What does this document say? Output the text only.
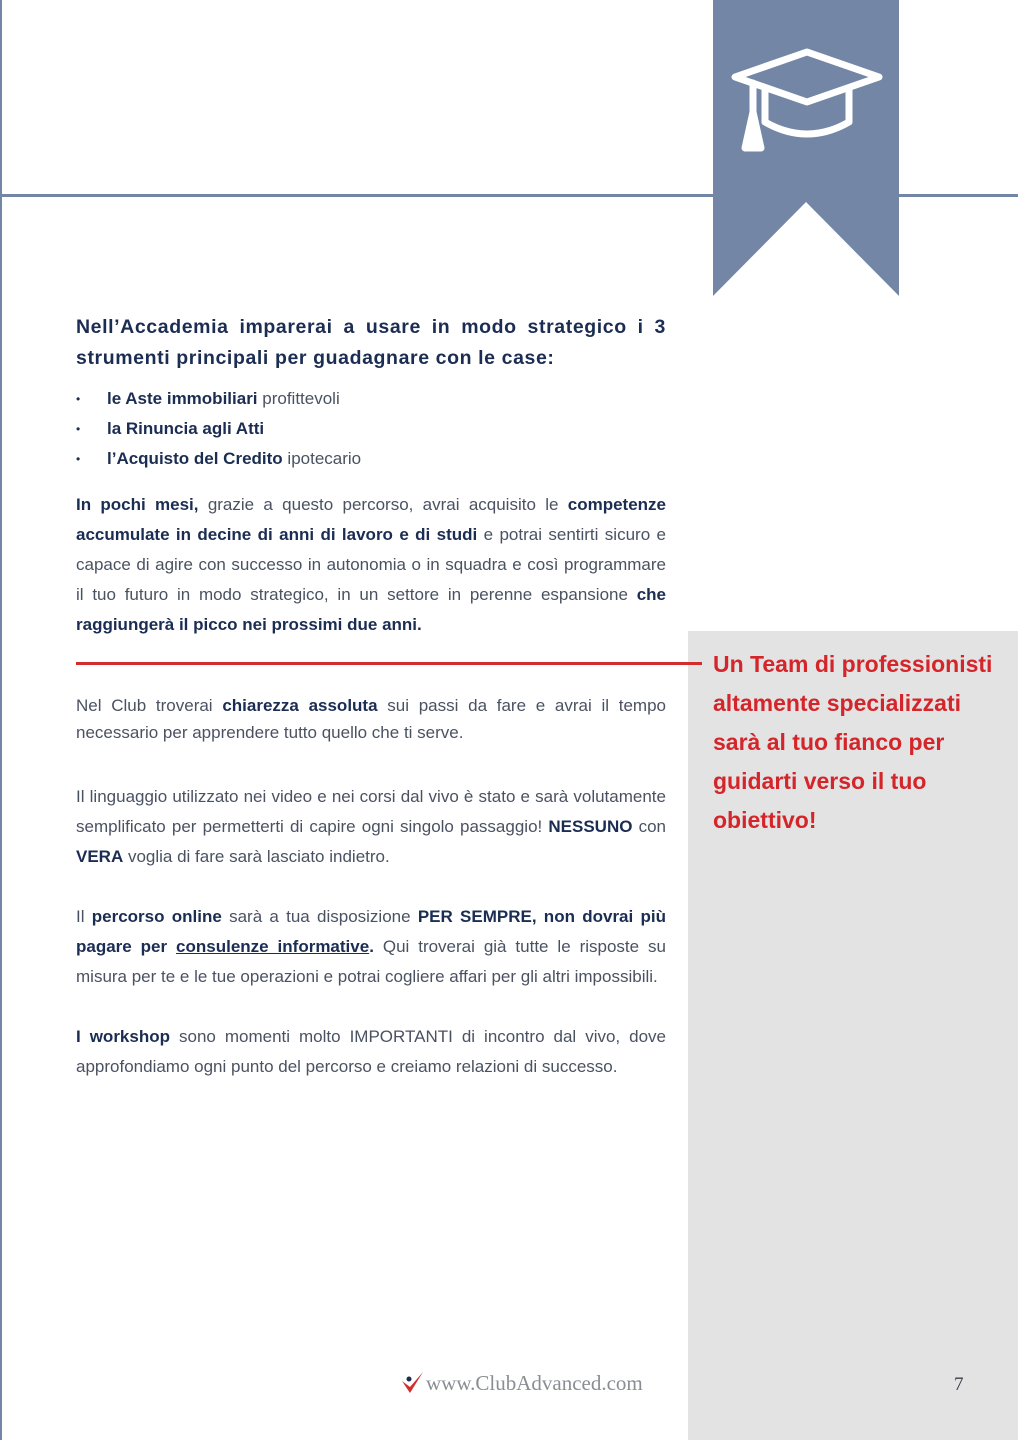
Nell’Accademia imparerai a usare in modo strategico i 3 strumenti principali per guadagnare con le case:

• le Aste immobiliari profittevoli
• la Rinuncia agli Atti
• l’Acquisto del Credito ipotecario

In pochi mesi, grazie a questo percorso, avrai acquisito le competenze accumulate in decine di anni di lavoro e di studi e potrai sentirti sicuro e capace di agire con successo in autonomia o in squadra e così programmare il tuo futuro in modo strategico, in un settore in perenne espansione che raggiungerà il picco nei prossimi due anni.

Nel Club troverai chiarezza assoluta sui passi da fare e avrai il tempo necessario per apprendere tutto quello che ti serve.

Il linguaggio utilizzato nei video e nei corsi dal vivo è stato e sarà volutamente semplificato per permetterti di capire ogni singolo passaggio! NESSUNO con VERA voglia di fare sarà lasciato indietro.

Il percorso online sarà a tua disposizione PER SEMPRE, non dovrai più pagare per consulenze informative. Qui troverai già tutte le risposte su misura per te e le tue operazioni e potrai cogliere affari per gli altri impossibili.

I workshop sono momenti molto IMPORTANTI di incontro dal vivo, dove approfondiamo ogni punto del percorso e creiamo relazioni di successo.

Un Team di professionisti altamente specializzati sarà al tuo fianco per guidarti verso il tuo obiettivo!

www.ClubAdvanced.com	7
